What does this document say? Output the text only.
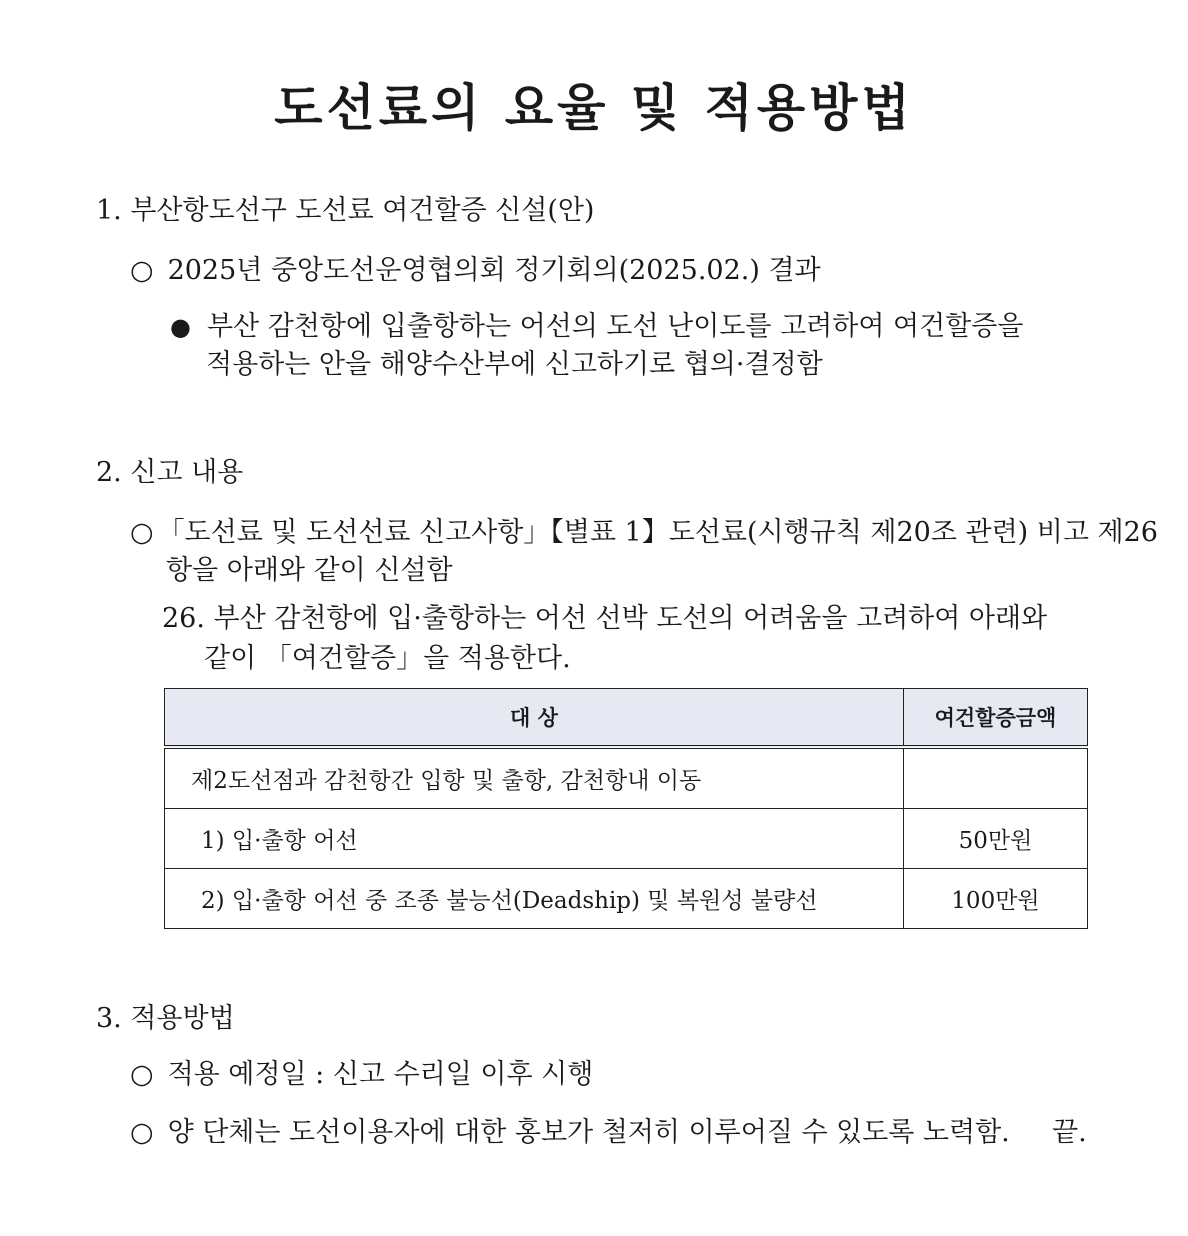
도선료의 요율 및 적용방법
1. 부산항도선구 도선료 여건할증 신설(안)
○ 2025년 중앙도선운영협의회 정기회의(2025.02.) 결과
● 부산 감천항에 입출항하는 어선의 도선 난이도를 고려하여 여건할증을
적용하는 안을 해양수산부에 신고하기로 협의·결정함
2. 신고 내용
○ 「도선료 및 도선선료 신고사항」【별표 1】도선료(시행규칙 제20조 관련) 비고 제26
항을 아래와 같이 신설함
26. 부산 감천항에 입·출항하는 어선 선박 도선의 어려움을 고려하여 아래와
같이 「여건할증」을 적용한다.
대 상	여건할증금액
제2도선점과 감천항간 입항 및 출항, 감천항내 이동	
1) 입·출항 어선	50만원
2) 입·출항 어선 중 조종 불능선(Deadship) 및 복원성 불량선	100만원
3. 적용방법
○ 적용 예정일 : 신고 수리일 이후 시행
○ 양 단체는 도선이용자에 대한 홍보가 철저히 이루어질 수 있도록 노력함. 끝.
